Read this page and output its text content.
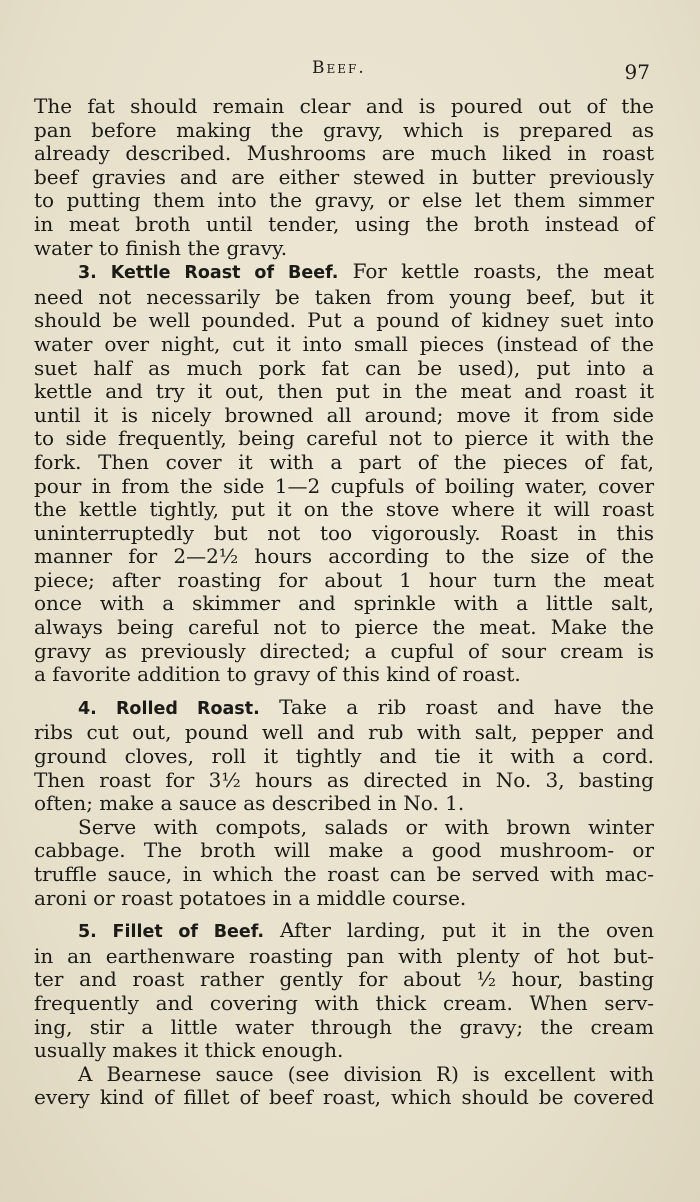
Beef.	97
The fat should remain clear and is poured out of the
pan before making the gravy, which is prepared as
already described. Mushrooms are much liked in roast
beef gravies and are either stewed in butter previously
to putting them into the gravy, or else let them simmer
in meat broth until tender, using the broth instead of
water to finish the gravy.
3. Kettle Roast of Beef. For kettle roasts, the meat
need not necessarily be taken from young beef, but it
should be well pounded. Put a pound of kidney suet into
water over night, cut it into small pieces (instead of the
suet half as much pork fat can be used), put into a
kettle and try it out, then put in the meat and roast it
until it is nicely browned all around; move it from side
to side frequently, being careful not to pierce it with the
fork. Then cover it with a part of the pieces of fat,
pour in from the side 1—2 cupfuls of boiling water, cover
the kettle tightly, put it on the stove where it will roast
uninterruptedly but not too vigorously. Roast in this
manner for 2—2½ hours according to the size of the
piece; after roasting for about 1 hour turn the meat
once with a skimmer and sprinkle with a little salt,
always being careful not to pierce the meat. Make the
gravy as previously directed; a cupful of sour cream is
a favorite addition to gravy of this kind of roast.
4. Rolled Roast. Take a rib roast and have the
ribs cut out, pound well and rub with salt, pepper and
ground cloves, roll it tightly and tie it with a cord.
Then roast for 3½ hours as directed in No. 3, basting
often; make a sauce as described in No. 1.
Serve with compots, salads or with brown winter
cabbage. The broth will make a good mushroom- or
truffle sauce, in which the roast can be served with mac-
aroni or roast potatoes in a middle course.
5. Fillet of Beef. After larding, put it in the oven
in an earthenware roasting pan with plenty of hot but-
ter and roast rather gently for about ½ hour, basting
frequently and covering with thick cream. When serv-
ing, stir a little water through the gravy; the cream
usually makes it thick enough.
A Bearnese sauce (see division R) is excellent with
every kind of fillet of beef roast, which should be covered
